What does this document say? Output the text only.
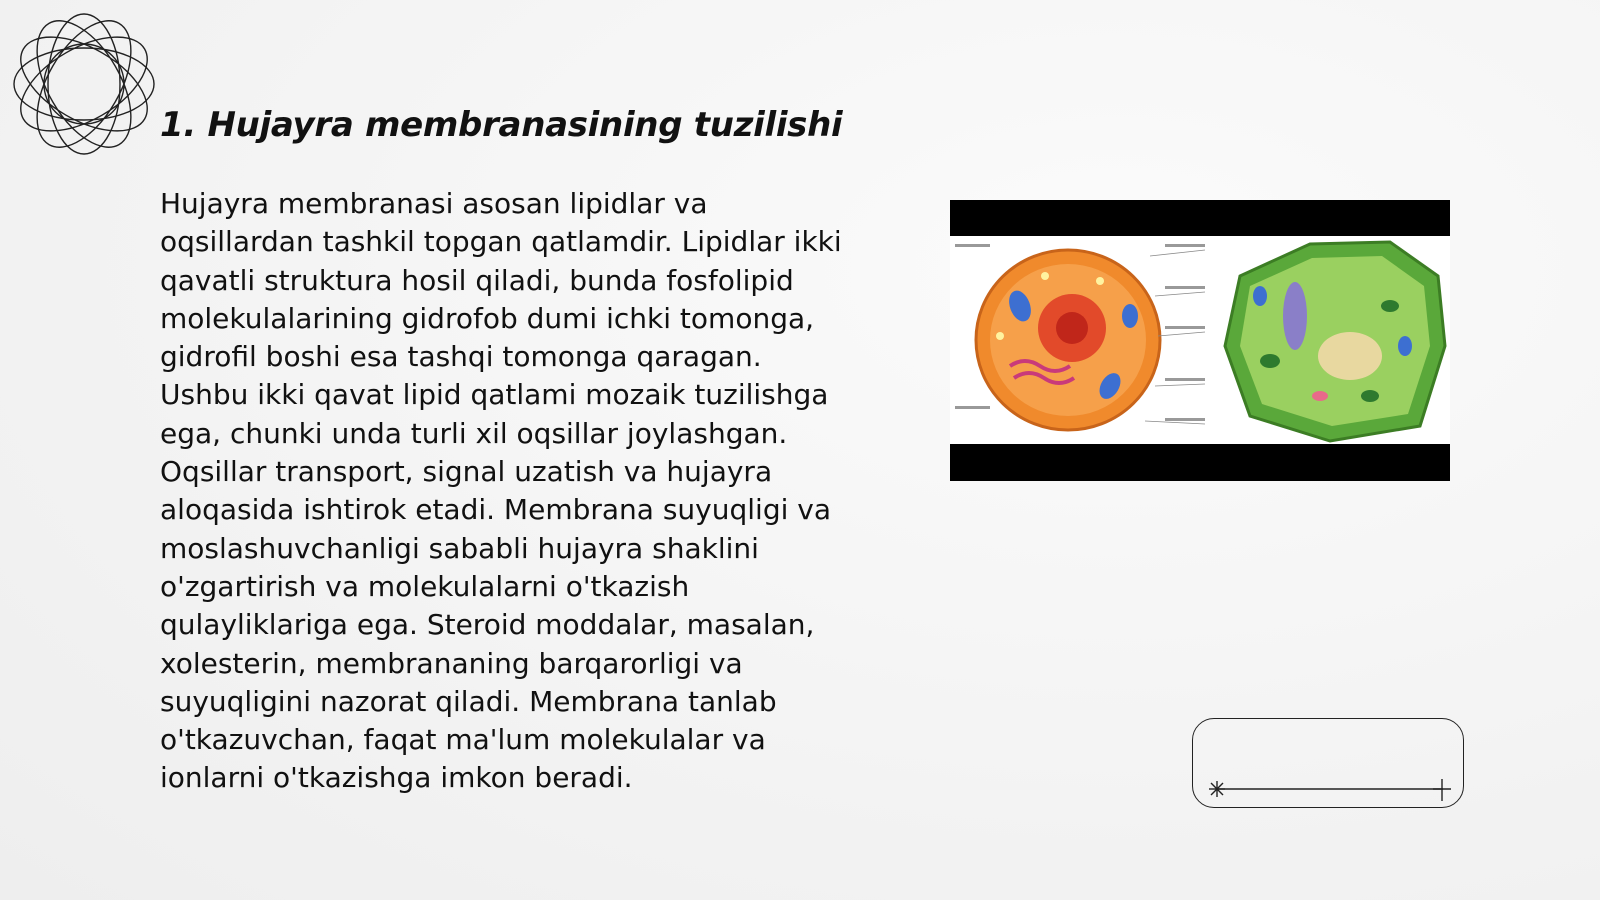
1. Hujayra membranasining tuzilishi

Hujayra membranasi asosan lipidlar va oqsillardan tashkil topgan qatlamdir. Lipidlar ikki qavatli struktura hosil qiladi, bunda fosfolipid molekulalarining gidrofob dumi ichki tomonga, gidrofil boshi esa tashqi tomonga qaragan. Ushbu ikki qavat lipid qatlami mozaik tuzilishga ega, chunki unda turli xil oqsillar joylashgan. Oqsillar transport, signal uzatish va hujayra aloqasida ishtirok etadi. Membrana suyuqligi va moslashuvchanligi sababli hujayra shaklini o'zgartirish va molekulalarni o'tkazish qulayliklariga ega. Steroid moddalar, masalan, xolesterin, membrananing barqarorligi va suyuqligini nazorat qiladi. Membrana tanlab o'tkazuvchan, faqat ma'lum molekulalar va ionlarni o'tkazishga imkon beradi.
